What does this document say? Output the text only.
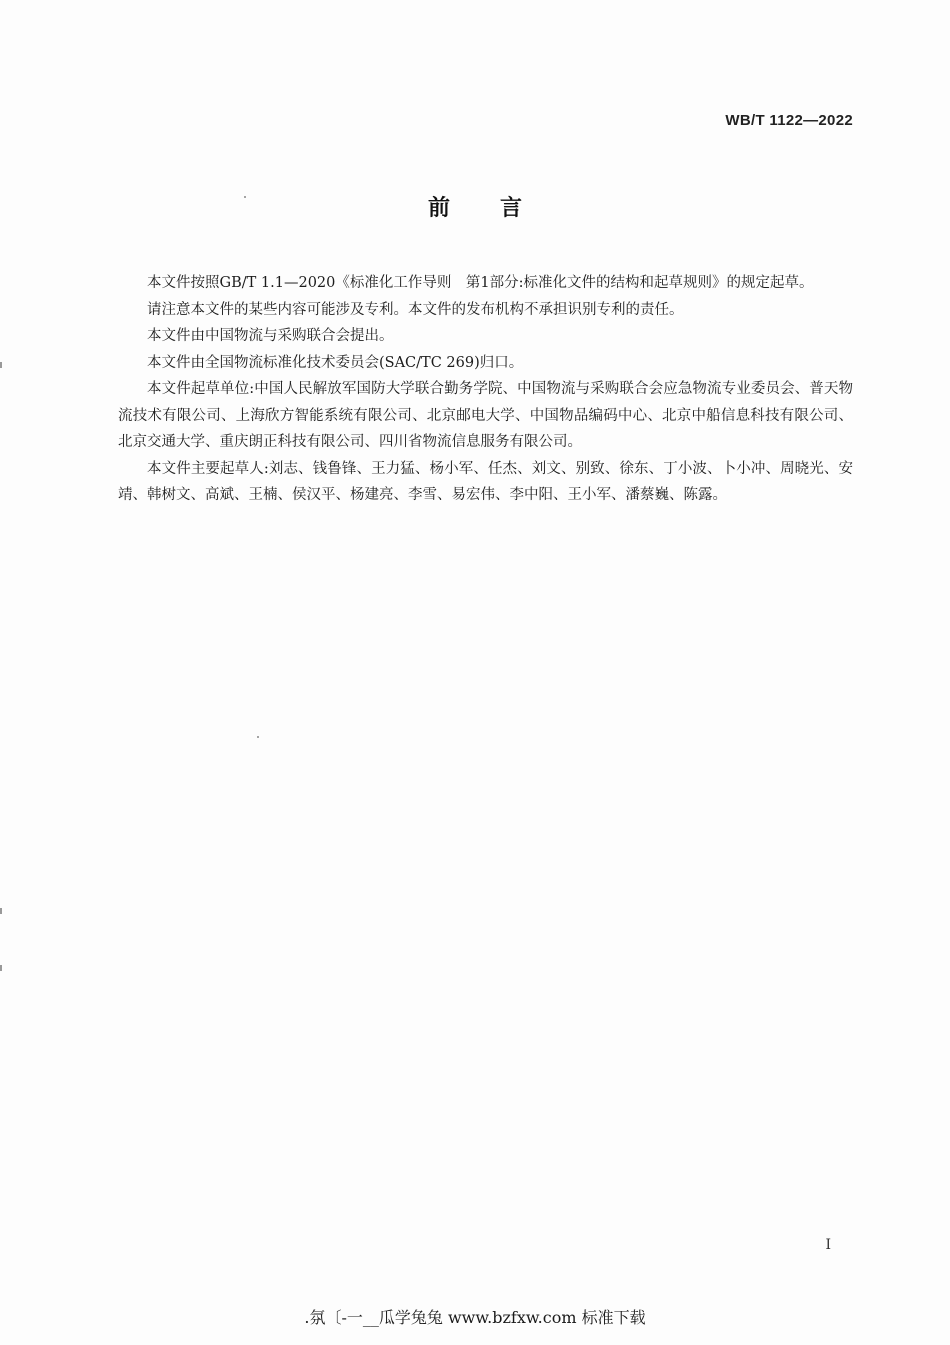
WB/T 1122—2022
前言

本文件按照GB/T 1.1—2020《标准化工作导则　第1部分:标准化文件的结构和起草规则》的规定起草。

请注意本文件的某些内容可能涉及专利。本文件的发布机构不承担识别专利的责任。

本文件由中国物流与采购联合会提出。

本文件由全国物流标准化技术委员会(SAC/TC 269)归口。

本文件起草单位:中国人民解放军国防大学联合勤务学院、中国物流与采购联合会应急物流专业委员会、普天物流技术有限公司、上海欣方智能系统有限公司、北京邮电大学、中国物品编码中心、北京中船信息科技有限公司、北京交通大学、重庆朗正科技有限公司、四川省物流信息服务有限公司。

本文件主要起草人:刘志、钱鲁锋、王力猛、杨小军、任杰、刘文、别致、徐东、丁小波、卜小冲、周晓光、安靖、韩树文、高斌、王楠、侯汉平、杨建亮、李雪、易宏伟、李中阳、王小军、潘蔡巍、陈露。

I
.氛〔-一__瓜学兔兔 www.bzfxw.com 标准下载
